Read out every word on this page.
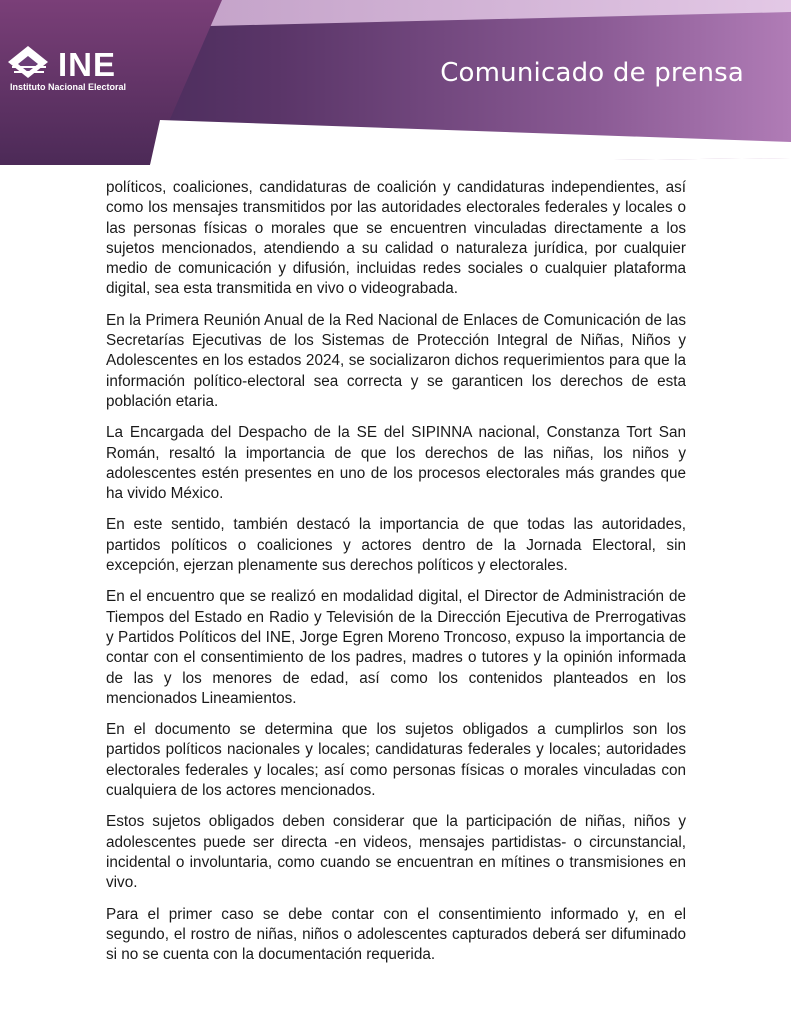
INE
Instituto Nacional Electoral	Comunicado de prensa

políticos, coaliciones, candidaturas de coalición y candidaturas independientes, así como los mensajes transmitidos por las autoridades electorales federales y locales o las personas físicas o morales que se encuentren vinculadas directamente a los sujetos mencionados, atendiendo a su calidad o naturaleza jurídica, por cualquier medio de comunicación y difusión, incluidas redes sociales o cualquier plataforma digital, sea esta transmitida en vivo o videograbada.

En la Primera Reunión Anual de la Red Nacional de Enlaces de Comunicación de las Secretarías Ejecutivas de los Sistemas de Protección Integral de Niñas, Niños y Adolescentes en los estados 2024, se socializaron dichos requerimientos para que la información político-electoral sea correcta y se garanticen los derechos de esta población etaria.

La Encargada del Despacho de la SE del SIPINNA nacional, Constanza Tort San Román, resaltó la importancia de que los derechos de las niñas, los niños y adolescentes estén presentes en uno de los procesos electorales más grandes que ha vivido México.

En este sentido, también destacó la importancia de que todas las autoridades, partidos políticos o coaliciones y actores dentro de la Jornada Electoral, sin excepción, ejerzan plenamente sus derechos políticos y electorales.

En el encuentro que se realizó en modalidad digital, el Director de Administración de Tiempos del Estado en Radio y Televisión de la Dirección Ejecutiva de Prerrogativas y Partidos Políticos del INE, Jorge Egren Moreno Troncoso, expuso la importancia de contar con el consentimiento de los padres, madres o tutores y la opinión informada de las y los menores de edad, así como los contenidos planteados en los mencionados Lineamientos.

En el documento se determina que los sujetos obligados a cumplirlos son los partidos políticos nacionales y locales; candidaturas federales y locales; autoridades electorales federales y locales; así como personas físicas o morales vinculadas con cualquiera de los actores mencionados.

Estos sujetos obligados deben considerar que la participación de niñas, niños y adolescentes puede ser directa -en videos, mensajes partidistas- o circunstancial, incidental o involuntaria, como cuando se encuentran en mítines o transmisiones en vivo.

Para el primer caso se debe contar con el consentimiento informado y, en el segundo, el rostro de niñas, niños o adolescentes capturados deberá ser difuminado si no se cuenta con la documentación requerida.
